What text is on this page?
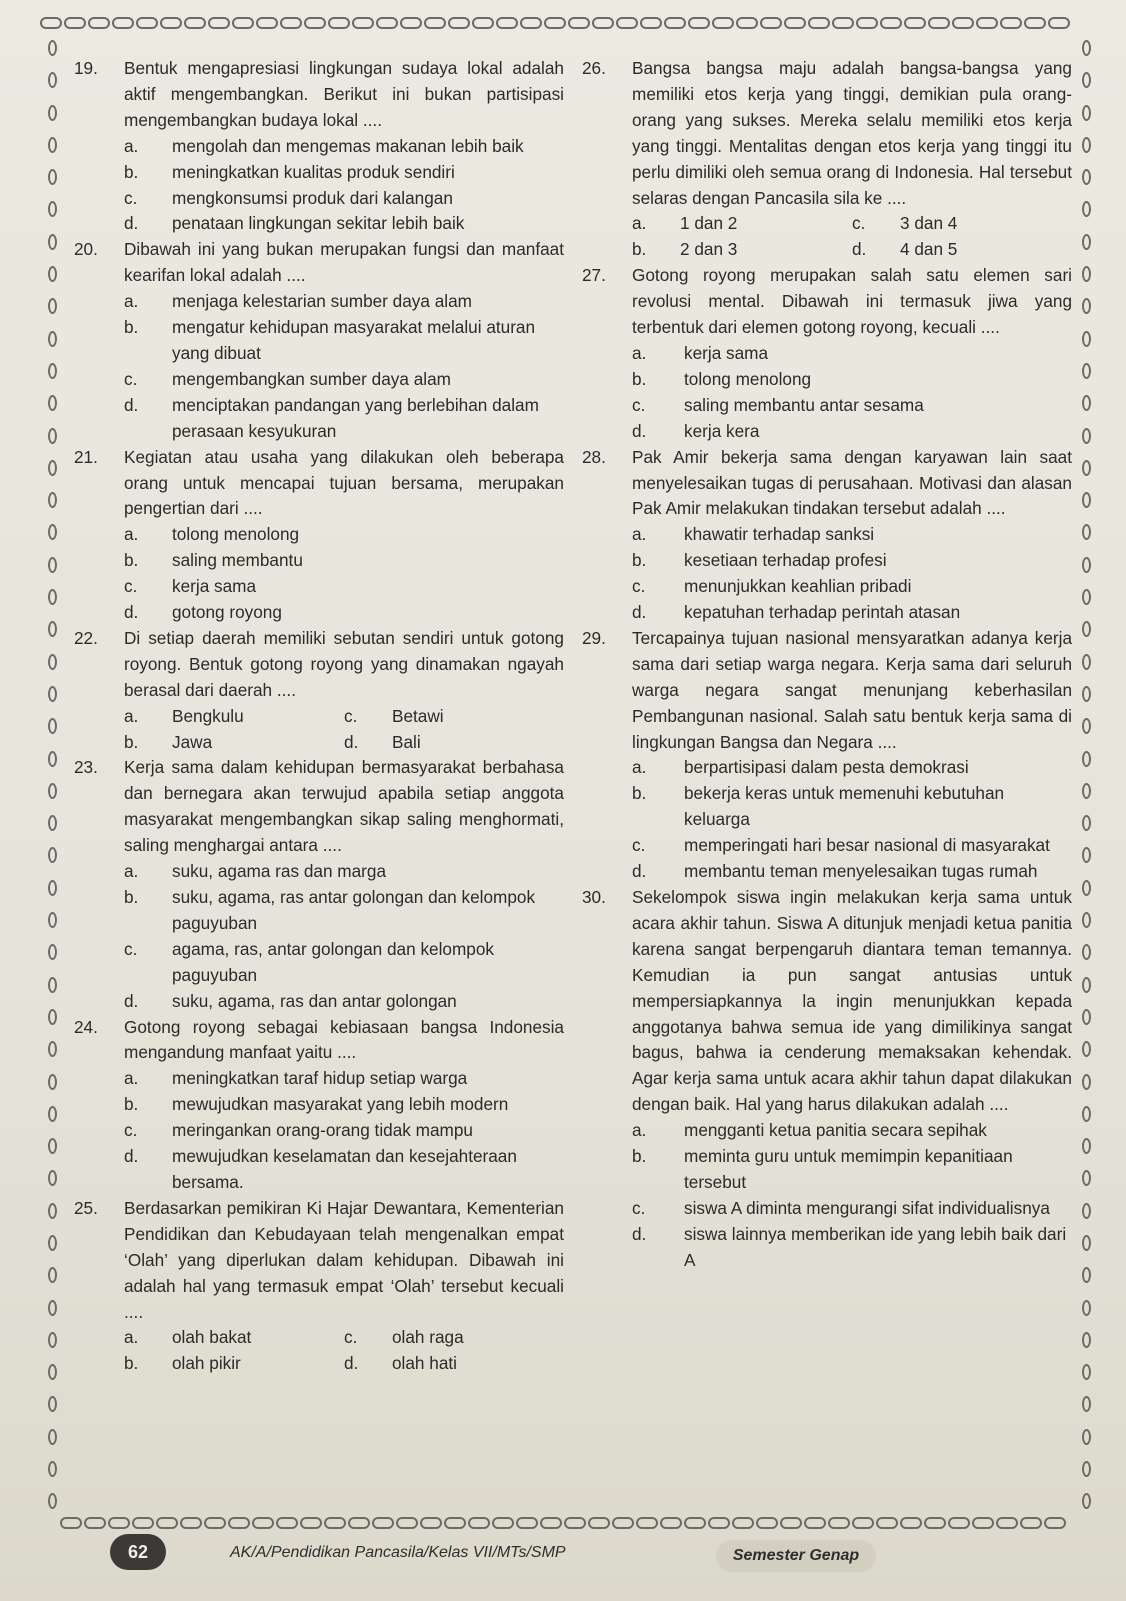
19. Bentuk mengapresiasi lingkungan sudaya lokal adalah aktif mengembangkan. Berikut ini bukan partisipasi mengembangkan budaya lokal ....
a. mengolah dan mengemas makanan lebih baik
b. meningkatkan kualitas produk sendiri
c. mengkonsumsi produk dari kalangan
d. penataan lingkungan sekitar lebih baik
20. Dibawah ini yang bukan merupakan fungsi dan manfaat kearifan lokal adalah ....
a. menjaga kelestarian sumber daya alam
b. mengatur kehidupan masyarakat melalui aturan yang dibuat
c. mengembangkan sumber daya alam
d. menciptakan pandangan yang berlebihan dalam perasaan kesyukuran
21. Kegiatan atau usaha yang dilakukan oleh beberapa orang untuk mencapai tujuan bersama, merupakan pengertian dari ....
a. tolong menolong
b. saling membantu
c. kerja sama
d. gotong royong
22. Di setiap daerah memiliki sebutan sendiri untuk gotong royong. Bentuk gotong royong yang dinamakan ngayah berasal dari daerah ....
a. Bengkulu	c. Betawi
b. Jawa	d. Bali
23. Kerja sama dalam kehidupan bermasyarakat berbahasa dan bernegara akan terwujud apabila setiap anggota masyarakat mengembangkan sikap saling menghormati, saling menghargai antara ....
a. suku, agama ras dan marga
b. suku, agama, ras antar golongan dan kelompok paguyuban
c. agama, ras, antar golongan dan kelompok paguyuban
d. suku, agama, ras dan antar golongan
24. Gotong royong sebagai kebiasaan bangsa Indonesia mengandung manfaat yaitu ....
a. meningkatkan taraf hidup setiap warga
b. mewujudkan masyarakat yang lebih modern
c. meringankan orang-orang tidak mampu
d. mewujudkan keselamatan dan kesejahteraan bersama.
25. Berdasarkan pemikiran Ki Hajar Dewantara, Kementerian Pendidikan dan Kebudayaan telah mengenalkan empat ‘Olah’ yang diperlukan dalam kehidupan. Dibawah ini adalah hal yang termasuk empat ‘Olah’ tersebut kecuali ....
a. olah bakat	c. olah raga
b. olah pikir	d. olah hati
26. Bangsa bangsa maju adalah bangsa-bangsa yang memiliki etos kerja yang tinggi, demikian pula orang-orang yang sukses. Mereka selalu memiliki etos kerja yang tinggi. Mentalitas dengan etos kerja yang tinggi itu perlu dimiliki oleh semua orang di Indonesia. Hal tersebut selaras dengan Pancasila sila ke ....
a. 1 dan 2	c. 3 dan 4
b. 2 dan 3	d. 4 dan 5
27. Gotong royong merupakan salah satu elemen sari revolusi mental. Dibawah ini termasuk jiwa yang terbentuk dari elemen gotong royong, kecuali ....
a. kerja sama
b. tolong menolong
c. saling membantu antar sesama
d. kerja kera
28. Pak Amir bekerja sama dengan karyawan lain saat menyelesaikan tugas di perusahaan. Motivasi dan alasan Pak Amir melakukan tindakan tersebut adalah ....
a. khawatir terhadap sanksi
b. kesetiaan terhadap profesi
c. menunjukkan keahlian pribadi
d. kepatuhan terhadap perintah atasan
29. Tercapainya tujuan nasional mensyaratkan adanya kerja sama dari setiap warga negara. Kerja sama dari seluruh warga negara sangat menunjang keberhasilan Pembangunan nasional. Salah satu bentuk kerja sama di lingkungan Bangsa dan Negara ....
a. berpartisipasi dalam pesta demokrasi
b. bekerja keras untuk memenuhi kebutuhan keluarga
c. memperingati hari besar nasional di masyarakat
d. membantu teman menyelesaikan tugas rumah
30. Sekelompok siswa ingin melakukan kerja sama untuk acara akhir tahun. Siswa A ditunjuk menjadi ketua panitia karena sangat berpengaruh diantara teman temannya. Kemudian ia pun sangat antusias untuk mempersiapkannya la ingin menunjukkan kepada anggotanya bahwa semua ide yang dimilikinya sangat bagus, bahwa ia cenderung memaksakan kehendak. Agar kerja sama untuk acara akhir tahun dapat dilakukan dengan baik. Hal yang harus dilakukan adalah ....
a. mengganti ketua panitia secara sepihak
b. meminta guru untuk memimpin kepanitiaan tersebut
c. siswa A diminta mengurangi sifat individualisnya
d. siswa lainnya memberikan ide yang lebih baik dari A
62	AK/A/Pendidikan Pancasila/Kelas VII/MTs/SMP	Semester Genap
